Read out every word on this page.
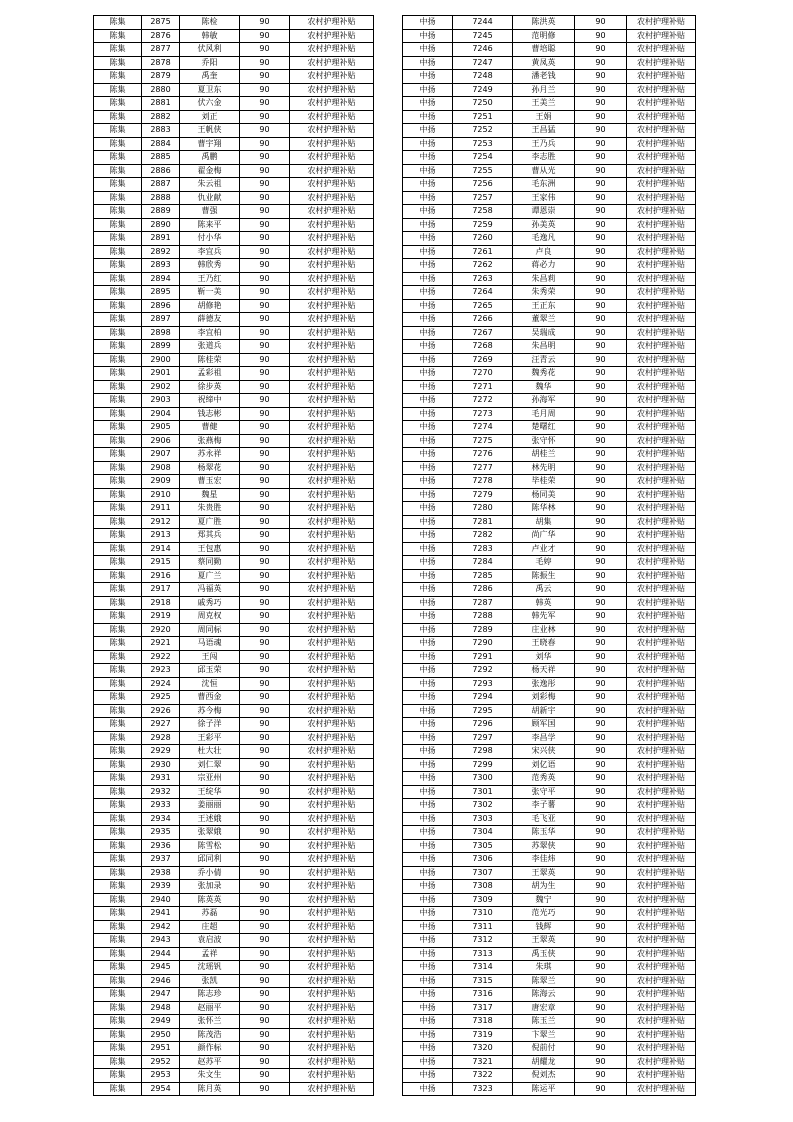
陈集	2875	陈检	90	农村护理补贴
陈集	2876	韩敏	90	农村护理补贴
陈集	2877	伏风利	90	农村护理补贴
陈集	2878	乔阳	90	农村护理补贴
陈集	2879	禹奎	90	农村护理补贴
陈集	2880	夏卫东	90	农村护理补贴
陈集	2881	伏六金	90	农村护理补贴
陈集	2882	刘正	90	农村护理补贴
陈集	2883	王帆侠	90	农村护理补贴
陈集	2884	曹宇翔	90	农村护理补贴
陈集	2885	禹鹏	90	农村护理补贴
陈集	2886	翟金梅	90	农村护理补贴
陈集	2887	朱云祖	90	农村护理补贴
陈集	2888	仇业献	90	农村护理补贴
陈集	2889	曹强	90	农村护理补贴
陈集	2890	陈来平	90	农村护理补贴
陈集	2891	付小华	90	农村护理补贴
陈集	2892	李宜兵	90	农村护理补贴
陈集	2893	韩欣秀	90	农村护理补贴
陈集	2894	王乃红	90	农村护理补贴
陈集	2895	靳一美	90	农村护理补贴
陈集	2896	胡修艳	90	农村护理补贴
陈集	2897	薛德友	90	农村护理补贴
陈集	2898	李宜柏	90	农村护理补贴
陈集	2899	张道兵	90	农村护理补贴
陈集	2900	陈桂荣	90	农村护理补贴
陈集	2901	孟彩祖	90	农村护理补贴
陈集	2902	徐步英	90	农村护理补贴
陈集	2903	祝缔中	90	农村护理补贴
陈集	2904	钱志彬	90	农村护理补贴
陈集	2905	曹健	90	农村护理补贴
陈集	2906	张燕梅	90	农村护理补贴
陈集	2907	苏永祥	90	农村护理补贴
陈集	2908	杨翠花	90	农村护理补贴
陈集	2909	曹玉宏	90	农村护理补贴
陈集	2910	魏星	90	农村护理补贴
陈集	2911	朱贵胜	90	农村护理补贴
陈集	2912	夏广胜	90	农村护理补贴
陈集	2913	郑其兵	90	农村护理补贴
陈集	2914	王包惠	90	农村护理补贴
陈集	2915	蔡同勤	90	农村护理补贴
陈集	2916	夏广兰	90	农村护理补贴
陈集	2917	冯福英	90	农村护理补贴
陈集	2918	戚秀巧	90	农村护理补贴
陈集	2919	周克权	90	农村护理补贴
陈集	2920	周同标	90	农村护理补贴
陈集	2921	马语魂	90	农村护理补贴
陈集	2922	王闯	90	农村护理补贴
陈集	2923	邱玉荣	90	农村护理补贴
陈集	2924	沈恒	90	农村护理补贴
陈集	2925	曹西金	90	农村护理补贴
陈集	2926	苏今梅	90	农村护理补贴
陈集	2927	徐子洋	90	农村护理补贴
陈集	2928	王彩平	90	农村护理补贴
陈集	2929	杜大壮	90	农村护理补贴
陈集	2930	刘仁翠	90	农村护理补贴
陈集	2931	宗亚州	90	农村护理补贴
陈集	2932	王绽华	90	农村护理补贴
陈集	2933	姜丽丽	90	农村护理补贴
陈集	2934	王述娥	90	农村护理补贴
陈集	2935	张翠娥	90	农村护理补贴
陈集	2936	陈雪松	90	农村护理补贴
陈集	2937	邱同利	90	农村护理补贴
陈集	2938	乔小倩	90	农村护理补贴
陈集	2939	张加录	90	农村护理补贴
陈集	2940	陈英英	90	农村护理补贴
陈集	2941	苏磊	90	农村护理补贴
陈集	2942	庄超	90	农村护理补贴
陈集	2943	袁启波	90	农村护理补贴
陈集	2944	孟祥	90	农村护理补贴
陈集	2945	沈瑶钒	90	农村护理补贴
陈集	2946	张凯	90	农村护理补贴
陈集	2947	陈志珍	90	农村护理补贴
陈集	2948	赵丽平	90	农村护理补贴
陈集	2949	张怀兰	90	农村护理补贴
陈集	2950	陈茂浩	90	农村护理补贴
陈集	2951	颜作标	90	农村护理补贴
陈集	2952	赵苏平	90	农村护理补贴
陈集	2953	朱文生	90	农村护理补贴
陈集	2954	陈月英	90	农村护理补贴
中扬	7244	陈洪英	90	农村护理补贴
中扬	7245	范明修	90	农村护理补贴
中扬	7246	曹培聪	90	农村护理补贴
中扬	7247	黄凤英	90	农村护理补贴
中扬	7248	潘老钱	90	农村护理补贴
中扬	7249	孙月兰	90	农村护理补贴
中扬	7250	王美兰	90	农村护理补贴
中扬	7251	王娟	90	农村护理补贴
中扬	7252	王昌猛	90	农村护理补贴
中扬	7253	王乃兵	90	农村护理补贴
中扬	7254	李志胜	90	农村护理补贴
中扬	7255	曹从光	90	农村护理补贴
中扬	7256	毛东洲	90	农村护理补贴
中扬	7257	王家伟	90	农村护理补贴
中扬	7258	谭恩崇	90	农村护理补贴
中扬	7259	孙美英	90	农村护理补贴
中扬	7260	毛逸凡	90	农村护理补贴
中扬	7261	卢良	90	农村护理补贴
中扬	7262	蒋必力	90	农村护理补贴
中扬	7263	朱昌莉	90	农村护理补贴
中扬	7264	朱秀荣	90	农村护理补贴
中扬	7265	王正东	90	农村护理补贴
中扬	7266	董翠兰	90	农村护理补贴
中扬	7267	吴瑞成	90	农村护理补贴
中扬	7268	朱昌明	90	农村护理补贴
中扬	7269	汪青云	90	农村护理补贴
中扬	7270	魏秀花	90	农村护理补贴
中扬	7271	魏华	90	农村护理补贴
中扬	7272	孙海军	90	农村护理补贴
中扬	7273	毛月周	90	农村护理补贴
中扬	7274	楚曙红	90	农村护理补贴
中扬	7275	张守怀	90	农村护理补贴
中扬	7276	胡桂兰	90	农村护理补贴
中扬	7277	林先明	90	农村护理补贴
中扬	7278	毕桂荣	90	农村护理补贴
中扬	7279	杨同美	90	农村护理补贴
中扬	7280	陈华林	90	农村护理补贴
中扬	7281	胡集	90	农村护理补贴
中扬	7282	尚广华	90	农村护理补贴
中扬	7283	卢业才	90	农村护理补贴
中扬	7284	毛婷	90	农村护理补贴
中扬	7285	陈振生	90	农村护理补贴
中扬	7286	禹云	90	农村护理补贴
中扬	7287	韩英	90	农村护理补贴
中扬	7288	韩先军	90	农村护理补贴
中扬	7289	庄业林	90	农村护理补贴
中扬	7290	王晓春	90	农村护理补贴
中扬	7291	刘华	90	农村护理补贴
中扬	7292	杨天祥	90	农村护理补贴
中扬	7293	张逸彤	90	农村护理补贴
中扬	7294	刘彩梅	90	农村护理补贴
中扬	7295	胡新宇	90	农村护理补贴
中扬	7296	顾军国	90	农村护理补贴
中扬	7297	李昌学	90	农村护理补贴
中扬	7298	宋兴侠	90	农村护理补贴
中扬	7299	刘亿语	90	农村护理补贴
中扬	7300	范秀英	90	农村护理补贴
中扬	7301	张守平	90	农村护理补贴
中扬	7302	李子薯	90	农村护理补贴
中扬	7303	毛飞亚	90	农村护理补贴
中扬	7304	陈玉华	90	农村护理补贴
中扬	7305	苏翠侠	90	农村护理补贴
中扬	7306	李佳炜	90	农村护理补贴
中扬	7307	王翠英	90	农村护理补贴
中扬	7308	胡为生	90	农村护理补贴
中扬	7309	魏宁	90	农村护理补贴
中扬	7310	范光巧	90	农村护理补贴
中扬	7311	钱辉	90	农村护理补贴
中扬	7312	王翠英	90	农村护理补贴
中扬	7313	禹玉侠	90	农村护理补贴
中扬	7314	朱琪	90	农村护理补贴
中扬	7315	陈翠兰	90	农村护理补贴
中扬	7316	陈海云	90	农村护理补贴
中扬	7317	唐宏章	90	农村护理补贴
中扬	7318	陈玉兰	90	农村护理补贴
中扬	7319	卞翠兰	90	农村护理补贴
中扬	7320	倪前付	90	农村护理补贴
中扬	7321	胡耀龙	90	农村护理补贴
中扬	7322	倪刘杰	90	农村护理补贴
中扬	7323	陈运平	90	农村护理补贴
